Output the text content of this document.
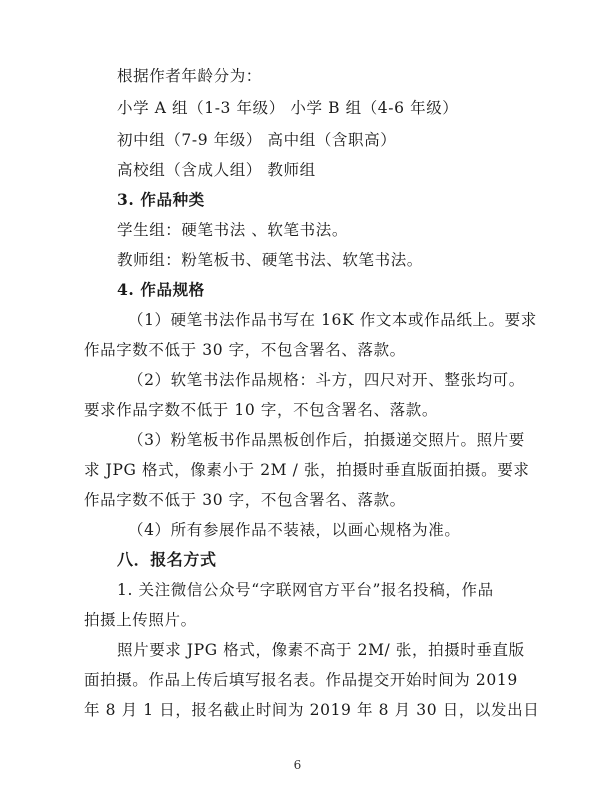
根据作者年龄分为：
小学 A 组（1-3 年级） 小学 B 组（4-6 年级）
初中组（7-9 年级） 高中组（含职高）
高校组（含成人组） 教师组
3. 作品种类
学生组：硬笔书法 、软笔书法。
教师组：粉笔板书、硬笔书法、软笔书法。
4. 作品规格
（1）硬笔书法作品书写在 16K 作文本或作品纸上。要求
作品字数不低于 30 字，不包含署名、落款。
（2）软笔书法作品规格：斗方，四尺对开、整张均可。
要求作品字数不低于 10 字，不包含署名、落款。
（3）粉笔板书作品黑板创作后，拍摄递交照片。照片要
求 JPG 格式，像素小于 2M / 张，拍摄时垂直版面拍摄。要求
作品字数不低于 30 字，不包含署名、落款。
（4）所有参展作品不装裱，以画心规格为准。
八．报名方式
1. 关注微信公众号“字联网官方平台”报名投稿，作品
拍摄上传照片。
照片要求 JPG 格式，像素不高于 2M/ 张，拍摄时垂直版
面拍摄。作品上传后填写报名表。作品提交开始时间为 2019
年 8 月 1 日，报名截止时间为 2019 年 8 月 30 日，以发出日
6
